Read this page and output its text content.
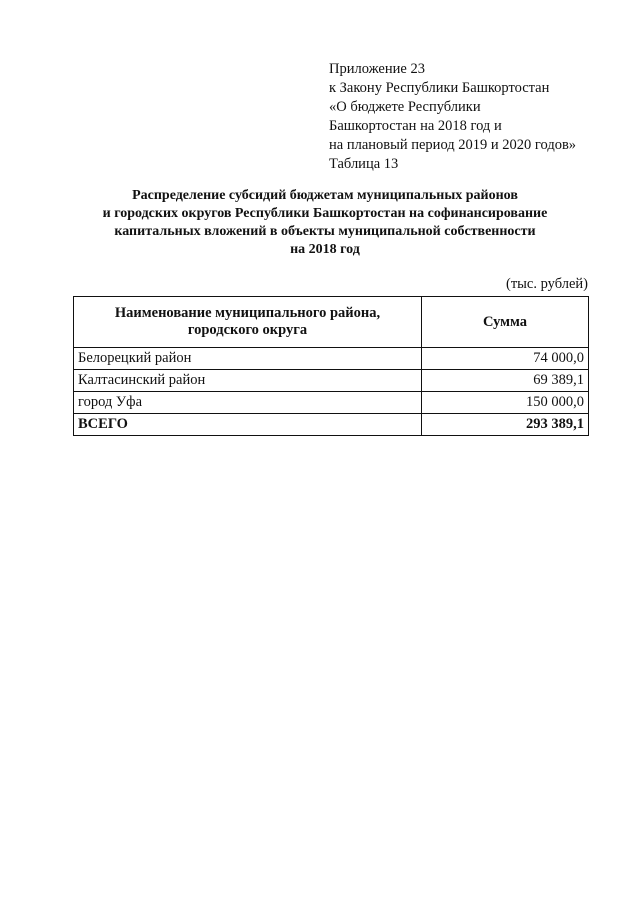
Приложение 23
к Закону Республики Башкортостан
«О бюджете Республики
Башкортостан на 2018 год и
на плановый период 2019 и 2020 годов»
Таблица 13
Распределение субсидий бюджетам муниципальных районов
и городских округов Республики Башкортостан на софинансирование
капитальных вложений в объекты муниципальной собственности
на 2018 год
(тыс. рублей)
Наименование муниципального района, городского округа	Сумма
Белорецкий район	74 000,0
Калтасинский район	69 389,1
город Уфа	150 000,0
ВСЕГО	293 389,1
